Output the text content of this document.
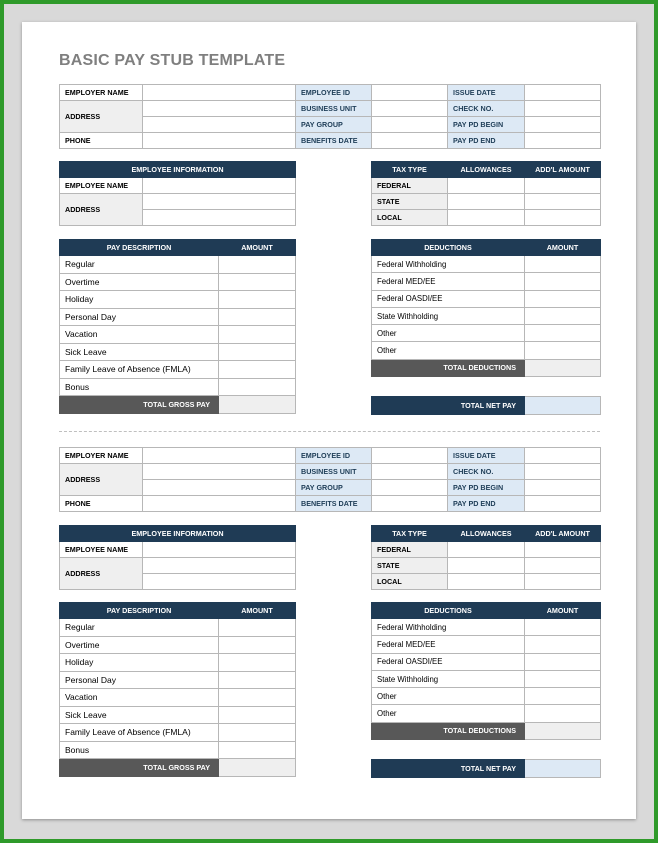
BASIC PAY STUB TEMPLATE
EMPLOYER NAME		EMPLOYEE ID		ISSUE DATE	
ADDRESS		BUSINESS UNIT		CHECK NO.	
		PAY GROUP		PAY PD BEGIN	
PHONE		BENEFITS DATE		PAY PD END	
EMPLOYEE INFORMATION	
EMPLOYEE NAME	
ADDRESS	

TAX TYPE	ALLOWANCES	ADD'L AMOUNT
FEDERAL		
STATE		
LOCAL		
PAY DESCRIPTION	AMOUNT
Regular	
Overtime	
Holiday	
Personal Day	
Vacation	
Sick Leave	
Family Leave of Absence (FMLA)	
Bonus	
TOTAL GROSS PAY	
DEDUCTIONS	AMOUNT
Federal Withholding	
Federal MED/EE	
Federal OASDI/EE	
State Withholding	
Other	
Other	
TOTAL DEDUCTIONS	
TOTAL NET PAY	
EMPLOYER NAME		EMPLOYEE ID		ISSUE DATE	
ADDRESS		BUSINESS UNIT		CHECK NO.	
		PAY GROUP		PAY PD BEGIN	
PHONE		BENEFITS DATE		PAY PD END	
EMPLOYEE INFORMATION	
EMPLOYEE NAME	
ADDRESS	

TAX TYPE	ALLOWANCES	ADD'L AMOUNT
FEDERAL		
STATE		
LOCAL		
PAY DESCRIPTION	AMOUNT
Regular	
Overtime	
Holiday	
Personal Day	
Vacation	
Sick Leave	
Family Leave of Absence (FMLA)	
Bonus	
TOTAL GROSS PAY	
DEDUCTIONS	AMOUNT
Federal Withholding	
Federal MED/EE	
Federal OASDI/EE	
State Withholding	
Other	
Other	
TOTAL DEDUCTIONS	
TOTAL NET PAY	
